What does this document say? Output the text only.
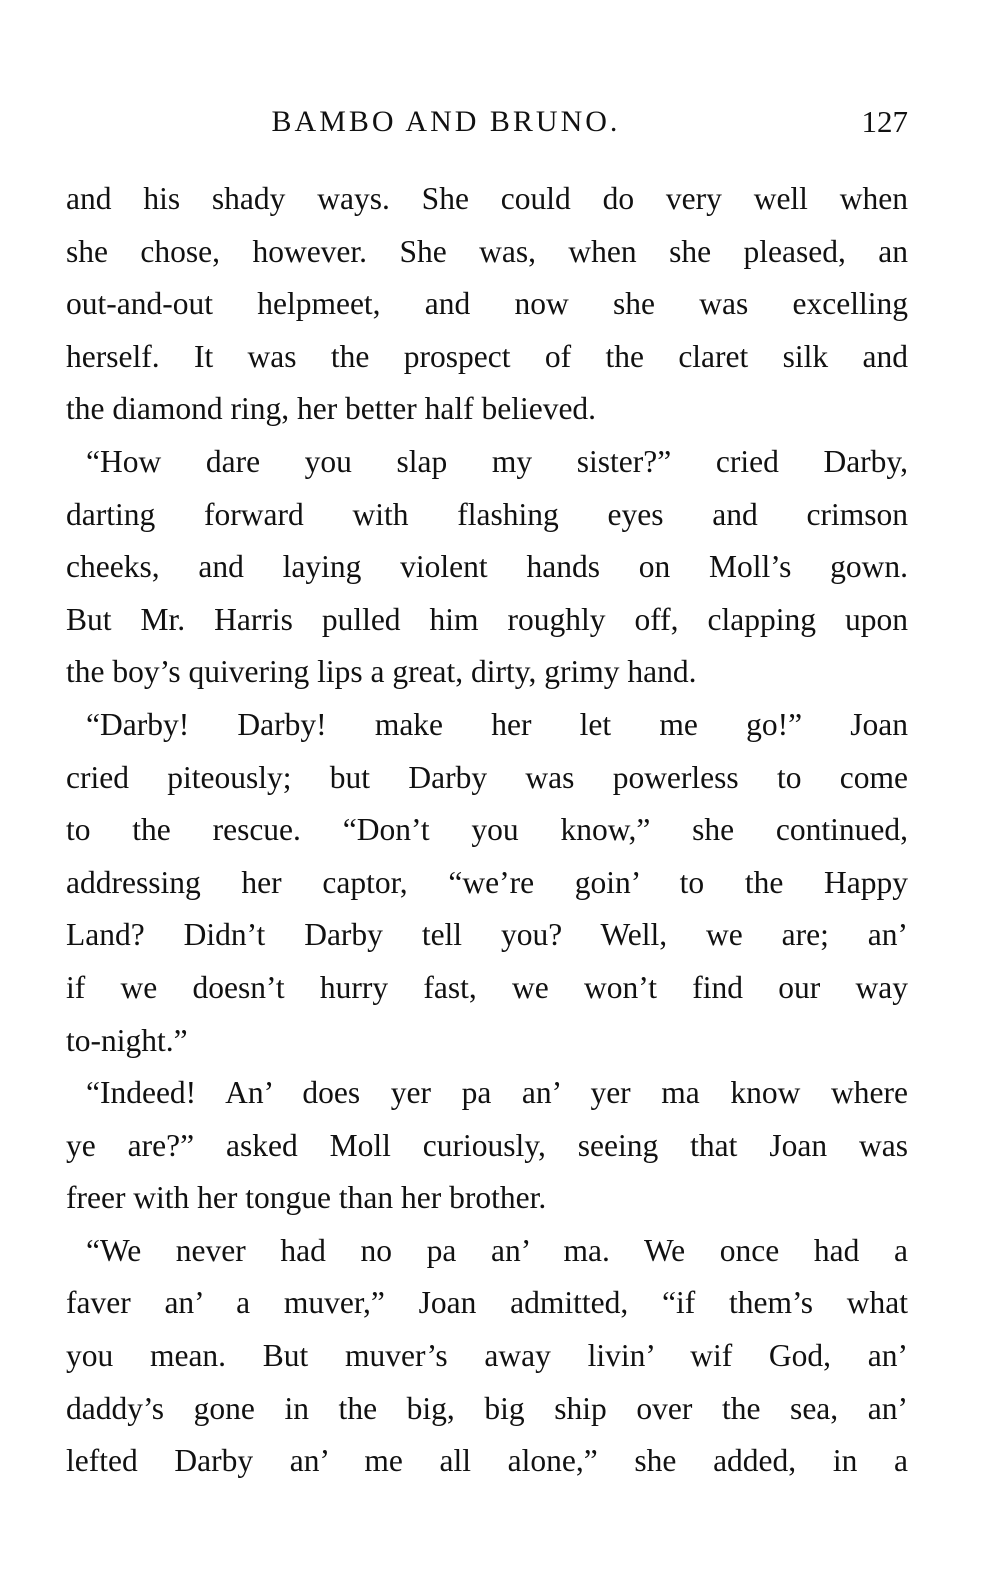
BAMBO AND BRUNO.	127
and his shady ways. She could do very well when
she chose, however. She was, when she pleased, an
out-and-out helpmeet, and now she was excelling
herself. It was the prospect of the claret silk and
the diamond ring, her better half believed.
“How dare you slap my sister?” cried Darby,
darting forward with flashing eyes and crimson
cheeks, and laying violent hands on Moll’s gown.
But Mr. Harris pulled him roughly off, clapping upon
the boy’s quivering lips a great, dirty, grimy hand.
“Darby! Darby! make her let me go!” Joan
cried piteously; but Darby was powerless to come
to the rescue. “Don’t you know,” she continued,
addressing her captor, “we’re goin’ to the Happy
Land? Didn’t Darby tell you? Well, we are; an’
if we doesn’t hurry fast, we won’t find our way
to-night.”
“Indeed! An’ does yer pa an’ yer ma know where
ye are?” asked Moll curiously, seeing that Joan was
freer with her tongue than her brother.
“We never had no pa an’ ma. We once had a
faver an’ a muver,” Joan admitted, “if them’s what
you mean. But muver’s away livin’ wif God, an’
daddy’s gone in the big, big ship over the sea, an’
lefted Darby an’ me all alone,” she added, in a
